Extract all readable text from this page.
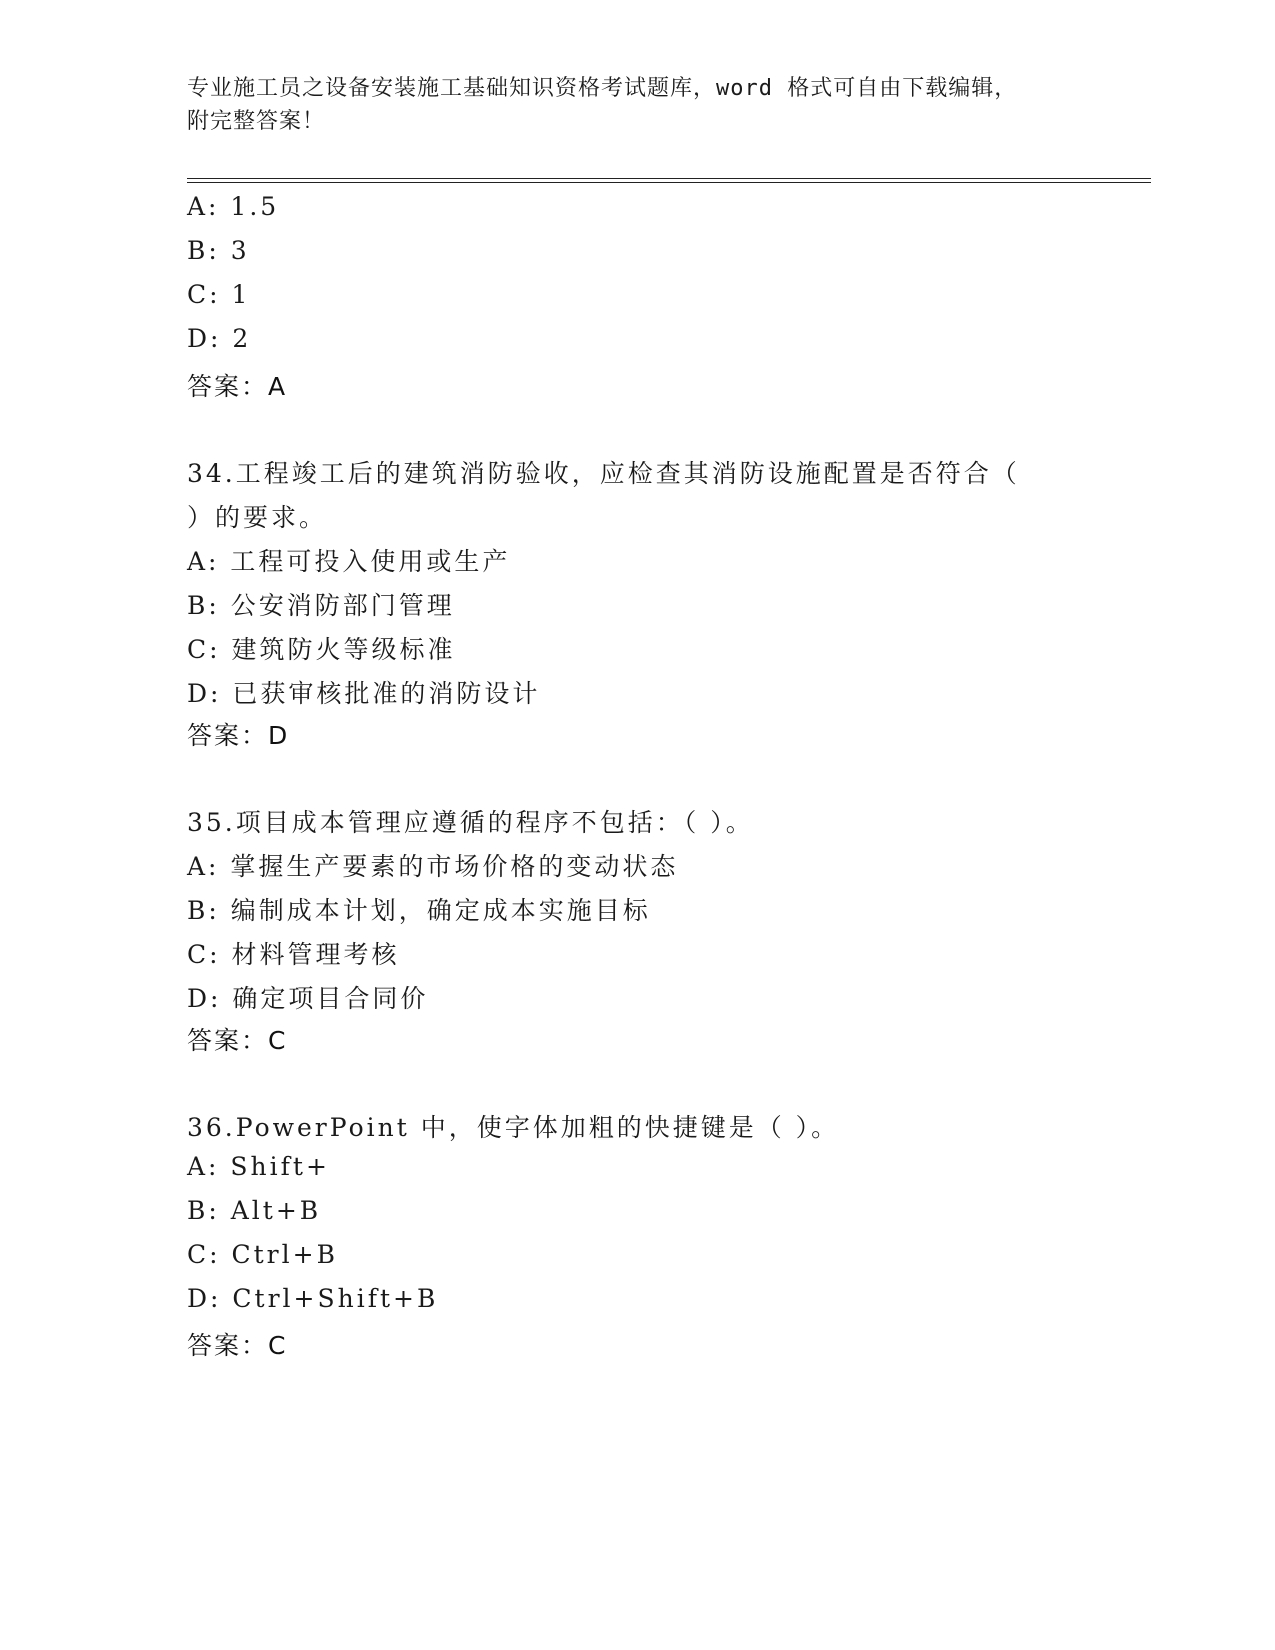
专业施工员之设备安装施工基础知识资格考试题库，word 格式可自由下载编辑，
附完整答案！
A: 1.5
B: 3
C: 1
D: 2
答案：A
34.工程竣工后的建筑消防验收，应检查其消防设施配置是否符合（
）的要求。
A: 工程可投入使用或生产
B: 公安消防部门管理
C: 建筑防火等级标准
D: 已获审核批准的消防设计
答案：D
35.项目成本管理应遵循的程序不包括：（ ）。
A: 掌握生产要素的市场价格的变动状态
B: 编制成本计划，确定成本实施目标
C: 材料管理考核
D: 确定项目合同价
答案：C
36.PowerPoint 中，使字体加粗的快捷键是（ ）。
A: Shift+
B: Alt+B
C: Ctrl+B
D: Ctrl+Shift+B
答案：C
